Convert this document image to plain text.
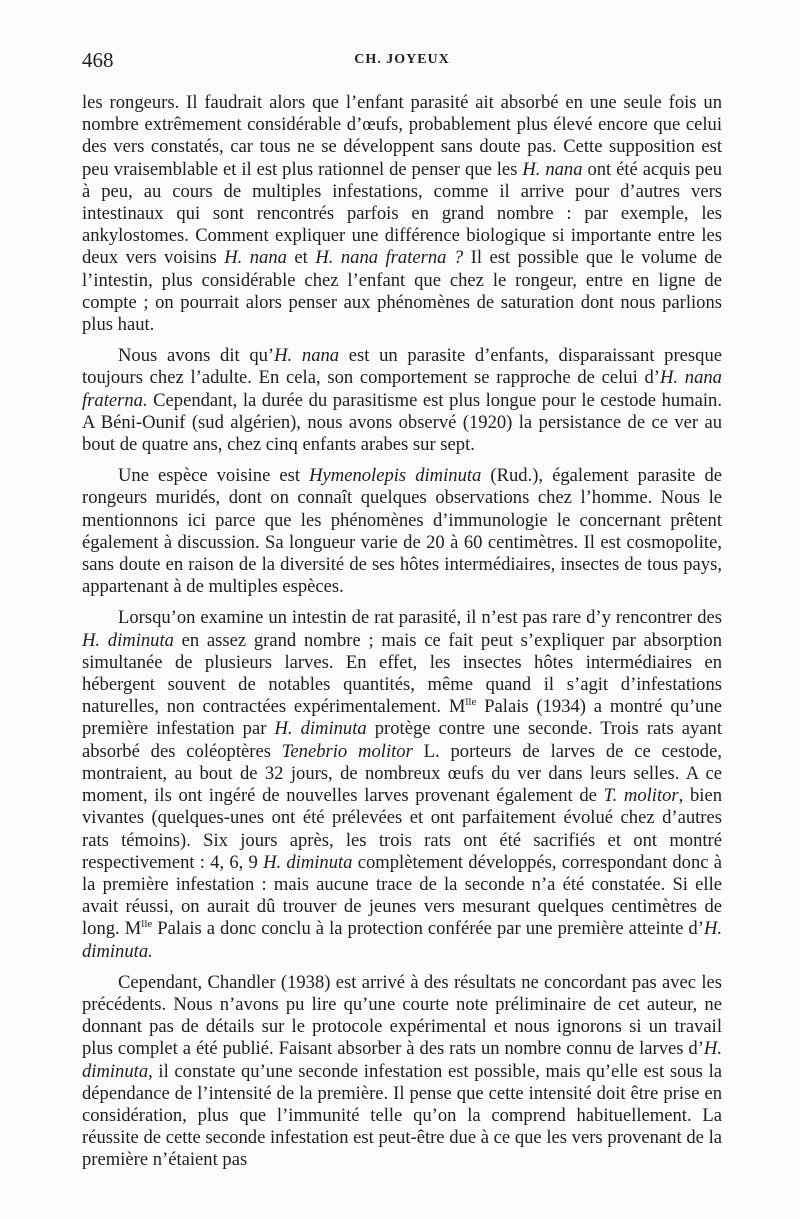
468	CH. JOYEUX

les rongeurs. Il faudrait alors que l’enfant parasité ait absorbé en une seule fois un nombre extrêmement considérable d’œufs, probablement plus élevé encore que celui des vers constatés, car tous ne se développent sans doute pas. Cette supposition est peu vraisemblable et il est plus rationnel de penser que les H. nana ont été acquis peu à peu, au cours de multiples infestations, comme il arrive pour d’autres vers intestinaux qui sont rencontrés parfois en grand nombre : par exemple, les ankylostomes. Comment expliquer une différence biologique si importante entre les deux vers voisins H. nana et H. nana fraterna ? Il est possible que le volume de l’intestin, plus considérable chez l’enfant que chez le rongeur, entre en ligne de compte ; on pourrait alors penser aux phénomènes de saturation dont nous parlions plus haut.

Nous avons dit qu’H. nana est un parasite d’enfants, disparaissant presque toujours chez l’adulte. En cela, son comportement se rapproche de celui d’H. nana fraterna. Cependant, la durée du parasitisme est plus longue pour le cestode humain. A Béni-Ounif (sud algérien), nous avons observé (1920) la persistance de ce ver au bout de quatre ans, chez cinq enfants arabes sur sept.

Une espèce voisine est Hymenolepis diminuta (Rud.), également parasite de rongeurs muridés, dont on connaît quelques observations chez l’homme. Nous le mentionnons ici parce que les phénomènes d’immunologie le concernant prêtent également à discussion. Sa longueur varie de 20 à 60 centimètres. Il est cosmopolite, sans doute en raison de la diversité de ses hôtes intermédiaires, insectes de tous pays, appartenant à de multiples espèces.

Lorsqu’on examine un intestin de rat parasité, il n’est pas rare d’y rencontrer des H. diminuta en assez grand nombre ; mais ce fait peut s’expliquer par absorption simultanée de plusieurs larves. En effet, les insectes hôtes intermédiaires en hébergent souvent de notables quantités, même quand il s’agit d’infestations naturelles, non contractées expérimentalement. $M^{lle}$ Palais (1934) a montré qu’une première infestation par H. diminuta protège contre une seconde. Trois rats ayant absorbé des coléoptères Tenebrio molitor L. porteurs de larves de ce cestode, montraient, au bout de 32 jours, de nombreux œufs du ver dans leurs selles. A ce moment, ils ont ingéré de nouvelles larves provenant également de T. molitor, bien vivantes (quelques-unes ont été prélevées et ont parfaitement évolué chez d’autres rats témoins). Six jours après, les trois rats ont été sacrifiés et ont montré respectivement : 4, 6, 9 H. diminuta complètement développés, correspondant donc à la première infestation : mais aucune trace de la seconde n’a été constatée. Si elle avait réussi, on aurait dû trouver de jeunes vers mesurant quelques centimètres de long. $M^{lle}$ Palais a donc conclu à la protection conférée par une première atteinte d’H. diminuta.

Cependant, Chandler (1938) est arrivé à des résultats ne concordant pas avec les précédents. Nous n’avons pu lire qu’une courte note préliminaire de cet auteur, ne donnant pas de détails sur le protocole expérimental et nous ignorons si un travail plus complet a été publié. Faisant absorber à des rats un nombre connu de larves d’H. diminuta, il constate qu’une seconde infestation est possible, mais qu’elle est sous la dépendance de l’intensité de la première. Il pense que cette intensité doit être prise en considération, plus que l’immunité telle qu’on la comprend habituellement. La réussite de cette seconde infestation est peut-être due à ce que les vers provenant de la première n’étaient pas
